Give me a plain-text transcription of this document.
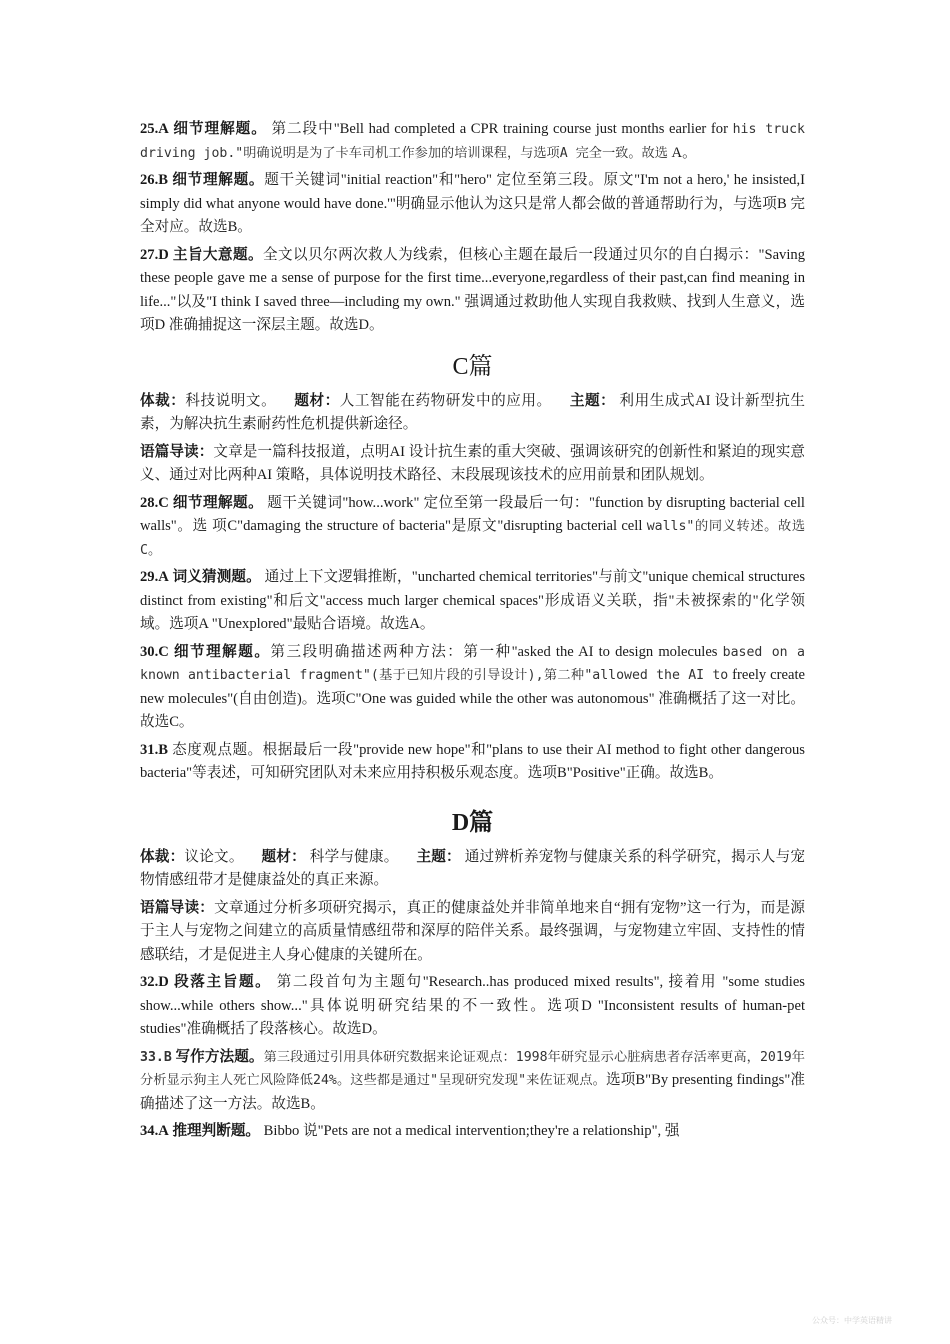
25.A 细节理解题。 第二段中"Bell had completed a CPR training course just months earlier for his truck driving job."明确说明是为了卡车司机工作参加的培训课程，与选项A 完全一致。故选 A。

26.B 细节理解题。题干关键词"initial reaction"和"hero" 定位至第三段。原文"I'm not a hero,' he insisted,I simply did what anyone would have done.'"明确显示他认为这只是常人都会做的普通帮助行为，与选项B 完全对应。故选B。

27.D 主旨大意题。全文以贝尔两次救人为线索，但核心主题在最后一段通过贝尔的自白揭示："Saving these people gave me a sense of purpose for the first time...everyone,regardless of their past,can find meaning in life..."以及"I think I saved three—including my own." 强调通过救助他人实现自我救赎、找到人生意义，选项D 准确捕捉这一深层主题。故选D。

C篇

体裁：科技说明文。 题材：人工智能在药物研发中的应用。 主题： 利用生成式AI 设计新型抗生素，为解决抗生素耐药性危机提供新途径。

语篇导读：文章是一篇科技报道，点明AI 设计抗生素的重大突破、强调该研究的创新性和紧迫的现实意义、通过对比两种AI 策略，具体说明技术路径、末段展现该技术的应用前景和团队规划。

28.C 细节理解题。 题干关键词"how...work" 定位至第一段最后一句："function by disrupting bacterial cell walls"。选 项C"damaging the structure of bacteria"是原文"disrupting bacterial cell walls"的同义转述。故选C。

29.A 词义猜测题。 通过上下文逻辑推断，"uncharted chemical territories"与前文"unique chemical structures distinct from existing"和后文"access much larger chemical spaces"形成语义关联，指"未被探索的"化学领域。选项A "Unexplored"最贴合语境。故选A。

30.C 细节理解题。第三段明确描述两种方法：第一种"asked the AI to design molecules based on a known antibacterial fragment"(基于已知片段的引导设计),第二种"allowed the AI to freely create new molecules"(自由创造)。选项C"One was guided while the other was autonomous" 准确概括了这一对比。故选C。

31.B 态度观点题。根据最后一段"provide new hope"和"plans to use their AI method to fight other dangerous bacteria"等表述，可知研究团队对未来应用持积极乐观态度。选项B"Positive"正确。故选B。

D篇

体裁：议论文。 题材： 科学与健康。 主题： 通过辨析养宠物与健康关系的科学研究，揭示人与宠物情感纽带才是健康益处的真正来源。

语篇导读：文章通过分析多项研究揭示，真正的健康益处并非简单地来自“拥有宠物”这一行为，而是源于主人与宠物之间建立的高质量情感纽带和深厚的陪伴关系。最终强调，与宠物建立牢固、支持性的情感联结，才是促进主人身心健康的关键所在。

32.D 段落主旨题。 第二段首句为主题句"Research..has produced mixed results", 接着用 "some studies show...while others show..."具体说明研究结果的不一致性。选项D "Inconsistent results of human-pet studies"准确概括了段落核心。故选D。

33.B 写作方法题。第三段通过引用具体研究数据来论证观点：1998年研究显示心脏病患者存活率更高，2019年分析显示狗主人死亡风险降低24%。这些都是通过"呈现研究发现"来佐证观点。选项B"By presenting findings"准确描述了这一方法。故选B。

34.A 推理判断题。 Bibbo 说"Pets are not a medical intervention;they're a relationship", 强

公众号：中学英语精讲
